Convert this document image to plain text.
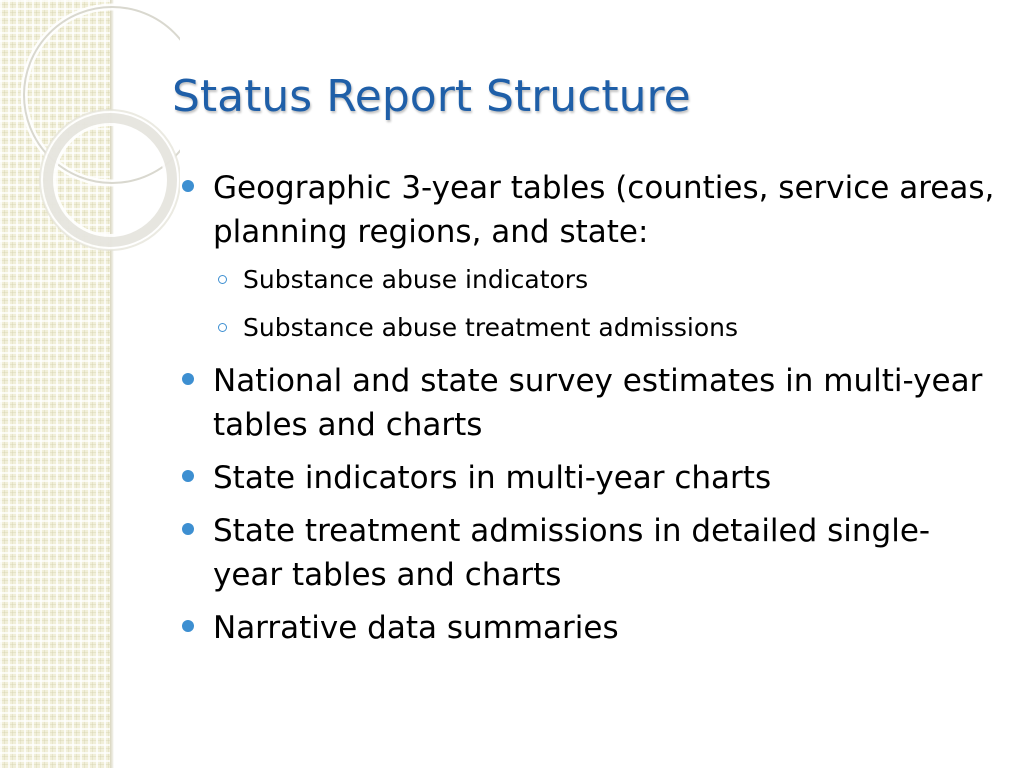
Status Report Structure
Geographic 3-year tables (counties, service areas, planning regions, and state:
Substance abuse indicators
Substance abuse treatment admissions
National and state survey estimates in multi-year tables and charts
State indicators in multi-year charts
State treatment admissions in detailed single-year tables and charts
Narrative data summaries
